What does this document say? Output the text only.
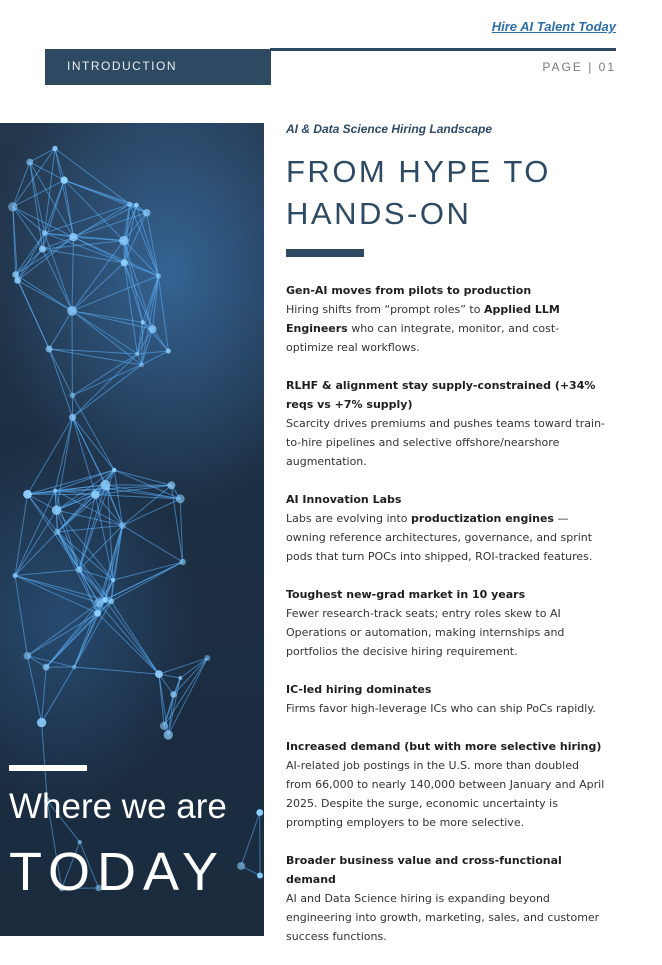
Hire AI Talent Today
INTRODUCTION	PAGE | 01
Where we are
TODAY
AI & Data Science Hiring Landscape
FROM HYPE TO HANDS-ON
Gen-AI moves from pilots to production
Hiring shifts from “prompt roles” to Applied LLM Engineers who can integrate, monitor, and cost-optimize real workflows.
RLHF & alignment stay supply-constrained (+34% reqs vs +7% supply)
Scarcity drives premiums and pushes teams toward train-to-hire pipelines and selective offshore/nearshore augmentation.
AI Innovation Labs
Labs are evolving into productization engines — owning reference architectures, governance, and sprint pods that turn POCs into shipped, ROI-tracked features.
Toughest new-grad market in 10 years
Fewer research-track seats; entry roles skew to AI Operations or automation, making internships and portfolios the decisive hiring requirement.
IC-led hiring dominates
Firms favor high-leverage ICs who can ship PoCs rapidly.
Increased demand (but with more selective hiring)
AI-related job postings in the U.S. more than doubled from 66,000 to nearly 140,000 between January and April 2025. Despite the surge, economic uncertainty is prompting employers to be more selective.
Broader business value and cross-functional demand
AI and Data Science hiring is expanding beyond engineering into growth, marketing, sales, and customer success functions.
